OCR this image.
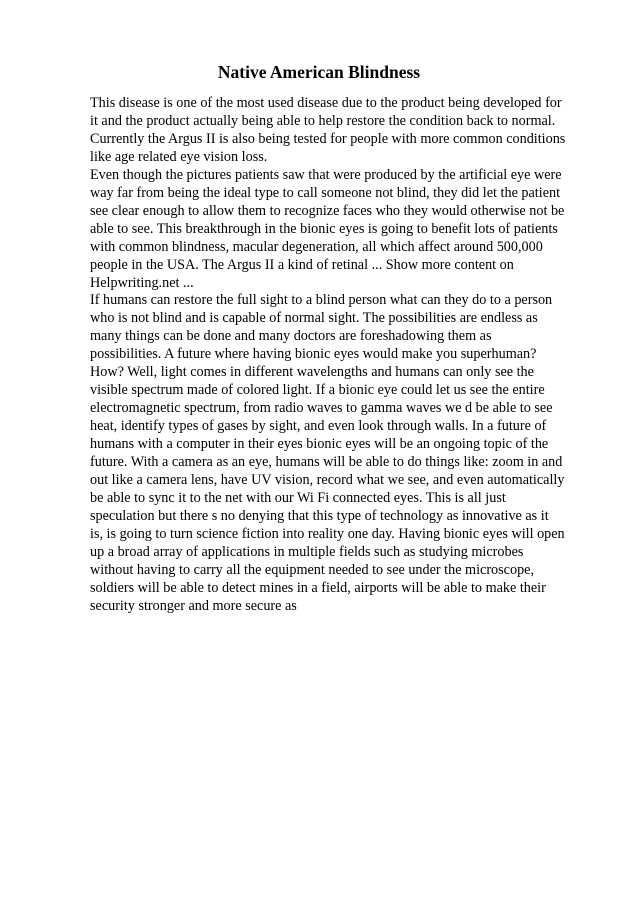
Native American Blindness
This disease is one of the most used disease due to the product being developed for
it and the product actually being able to help restore the condition back to normal.
Currently the Argus II is also being tested for people with more common conditions
like age related eye vision loss.
Even though the pictures patients saw that were produced by the artificial eye were
way far from being the ideal type to call someone not blind, they did let the patient
see clear enough to allow them to recognize faces who they would otherwise not be
able to see. This breakthrough in the bionic eyes is going to benefit lots of patients
with common blindness, macular degeneration, all which affect around 500,000
people in the USA. The Argus II a kind of retinal ... Show more content on
Helpwriting.net ...
If humans can restore the full sight to a blind person what can they do to a person
who is not blind and is capable of normal sight. The possibilities are endless as
many things can be done and many doctors are foreshadowing them as
possibilities. A future where having bionic eyes would make you superhuman?
How? Well, light comes in different wavelengths and humans can only see the
visible spectrum made of colored light. If a bionic eye could let us see the entire
electromagnetic spectrum, from radio waves to gamma waves we d be able to see
heat, identify types of gases by sight, and even look through walls. In a future of
humans with a computer in their eyes bionic eyes will be an ongoing topic of the
future. With a camera as an eye, humans will be able to do things like: zoom in and
out like a camera lens, have UV vision, record what we see, and even automatically
be able to sync it to the net with our Wi Fi connected eyes. This is all just
speculation but there s no denying that this type of technology as innovative as it
is, is going to turn science fiction into reality one day. Having bionic eyes will open
up a broad array of applications in multiple fields such as studying microbes
without having to carry all the equipment needed to see under the microscope,
soldiers will be able to detect mines in a field, airports will be able to make their
security stronger and more secure as
